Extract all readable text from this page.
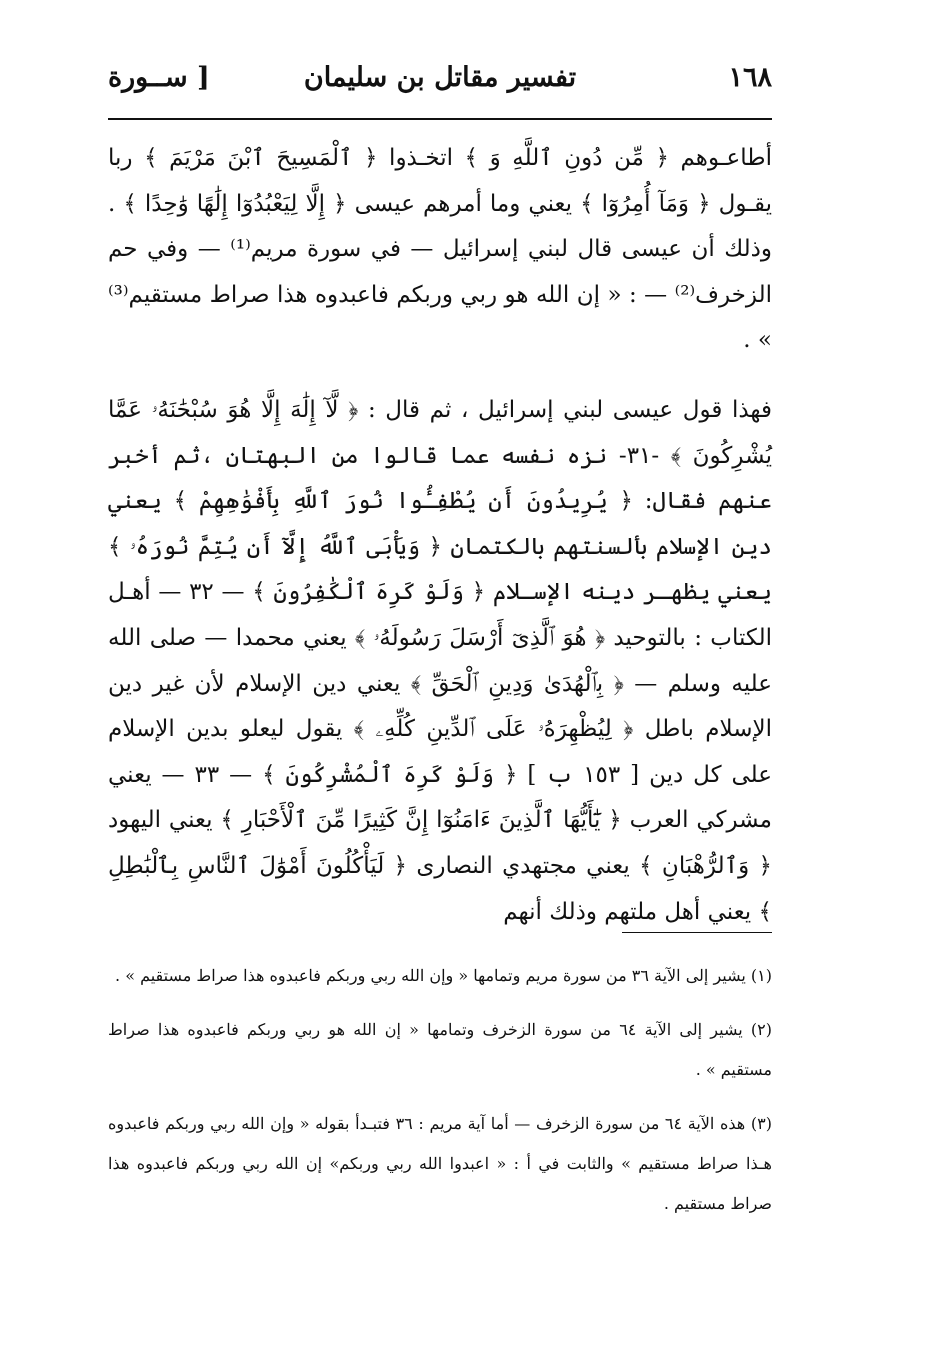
١٦٨
تفسير مقاتل بن سليمان
[ ســورة

أطاعـوهم ﴿ مِّن دُونِ ٱللَّهِ وَ ﴾ اتخـذوا ﴿ ٱلْمَسِيحَ ٱبْنَ مَرْيَمَ ﴾ ربا يقـول ﴿ وَمَآ أُمِرُوٓا ﴾ يعني وما أمرهم عيسى ﴿ إِلَّا لِيَعْبُدُوٓا إِلَٰهًا وَٰحِدًا ﴾ . وذلك أن عيسى قال لبني إسرائيل — في سورة مريم⁽¹⁾ — وفي حم الزخرف⁽²⁾ — : « إن الله هو ربي وربكم فاعبدوه هذا صراط مستقيم⁽³⁾ » .

فهذا قول عيسى لبني إسرائيل ، ثم قال : ﴿ لَّآ إِلَٰهَ إِلَّا هُوَ سُبْحَٰنَهُۥ عَمَّا يُشْرِكُونَ ﴾ -٣١- نزه نفسه عما قالوا من البهتان ،ثم أخبر عنهم فقال: ﴿ يُرِيدُونَ أَن يُطْفِـُٔوا نُورَ ٱللَّهِ بِأَفْوَٰهِهِمْ ﴾ يعني دين الإسلام بألسنتهم بالكتمان ﴿ وَيَأْبَى ٱللَّهُ إِلَّآ أَن يُتِمَّ نُورَهُۥ ﴾ يعني يظهـر دينه الإسـلام ﴿ وَلَوْ كَرِهَ ٱلْكَٰفِرُونَ ﴾ — ٣٢ — أهـل الكتاب : بالتوحيد ﴿ هُوَ ٱلَّذِىٓ أَرْسَلَ رَسُولَهُۥ ﴾ يعني محمدا — صلى الله عليه وسلم — ﴿ بِٱلْهُدَىٰ وَدِينِ ٱلْحَقِّ ﴾ يعني دين الإسلام لأن غير دين الإسلام باطل ﴿ لِيُظْهِرَهُۥ عَلَى ٱلدِّينِ كُلِّهِۦ ﴾ يقول ليعلو بدين الإسلام على كل دين [ ١٥٣ ب ] ﴿ وَلَوْ كَرِهَ ٱلْمُشْرِكُونَ ﴾ — ٣٣ — يعني مشركي العرب ﴿ يَٰٓأَيُّهَا ٱلَّذِينَ ءَامَنُوٓا إِنَّ كَثِيرًا مِّنَ ٱلْأَحْبَارِ ﴾ يعني اليهود ﴿ وَٱلرُّهْبَانِ ﴾ يعني مجتهدي النصارى ﴿ لَيَأْكُلُونَ أَمْوَٰلَ ٱلنَّاسِ بِٱلْبَٰطِلِ ﴾ يعني أهل ملتهم وذلك أنهم

(١) يشير إلى الآية ٣٦ من سورة مريم وتمامها « وإن الله ربي وربكم فاعبدوه هذا صراط مستقيم » .

(٢) يشير إلى الآية ٦٤ من سورة الزخرف وتمامها « إن الله هو ربي وربكم فاعبدوه هذا صراط مستقيم » .

(٣) هذه الآية ٦٤ من سورة الزخرف — أما آية مريم : ٣٦ فتبـدأ بقوله « وإن الله ربي وربكم فاعبدوه هـذا صراط مستقيم » والثابت في أ : « اعبدوا الله ربي وربكم» إن الله ربي وربكم فاعبدوه هذا صراط مستقيم .
